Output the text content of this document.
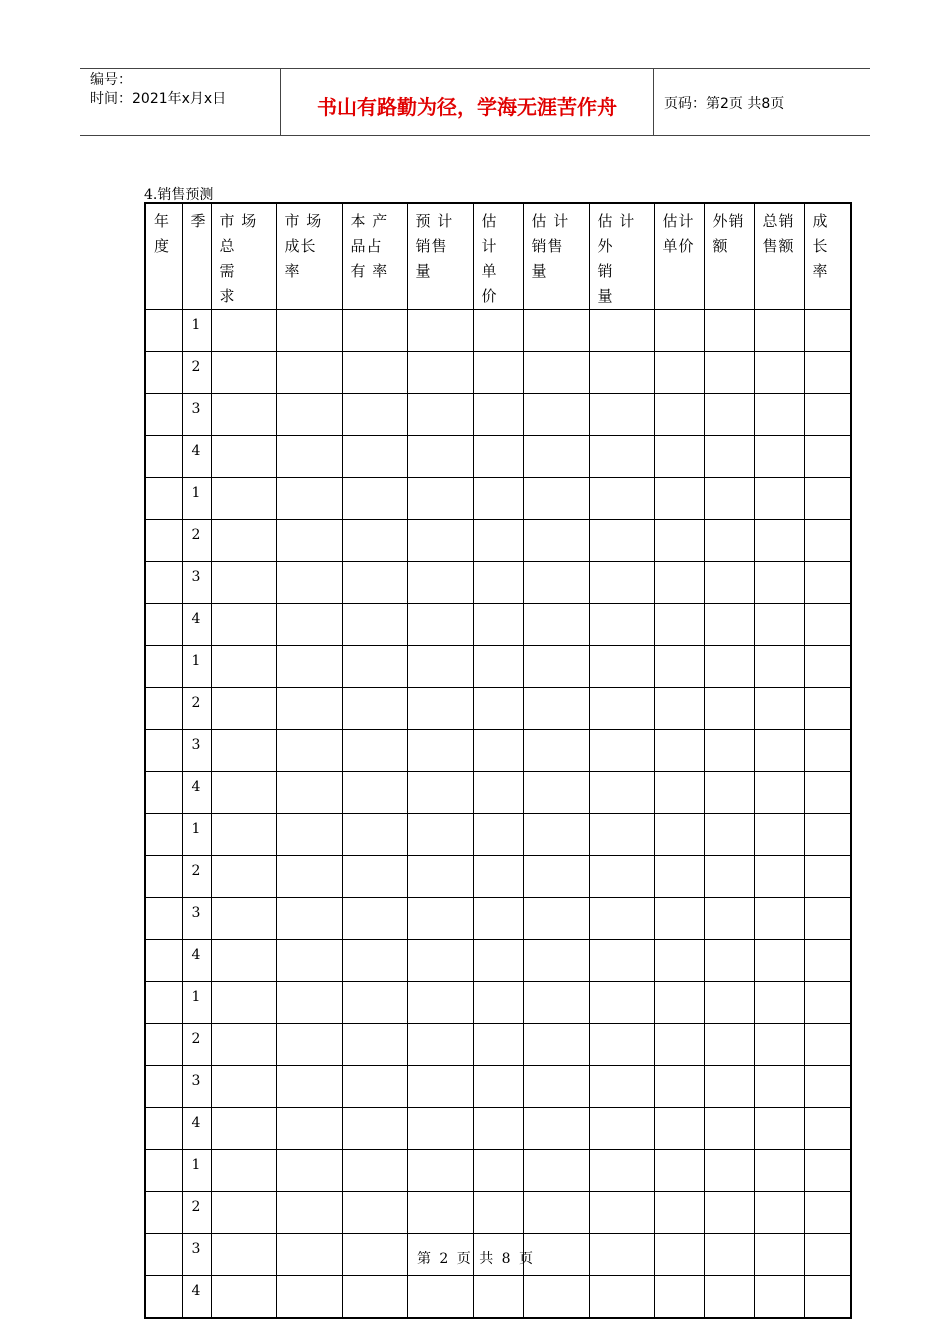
编号：
时间：2021年x月x日	书山有路勤为径，学海无涯苦作舟	页码：第2页 共8页
4.销售预测
年
度	季	市 场
总
需
求	市 场
成长
率	本 产
品占
有 率	预 计
销售
量	估
计
单
价	估 计
销售
量	估 计
外
销
量	估计
单价	外销
额	总销
售额	成
长
率
	1											
	2											
	3											
	4											
	1											
	2											
	3											
	4											
	1											
	2											
	3											
	4											
	1											
	2											
	3											
	4											
	1											
	2											
	3											
	4											
	1											
	2											
	3											
	4											
第 2 页 共 8 页
